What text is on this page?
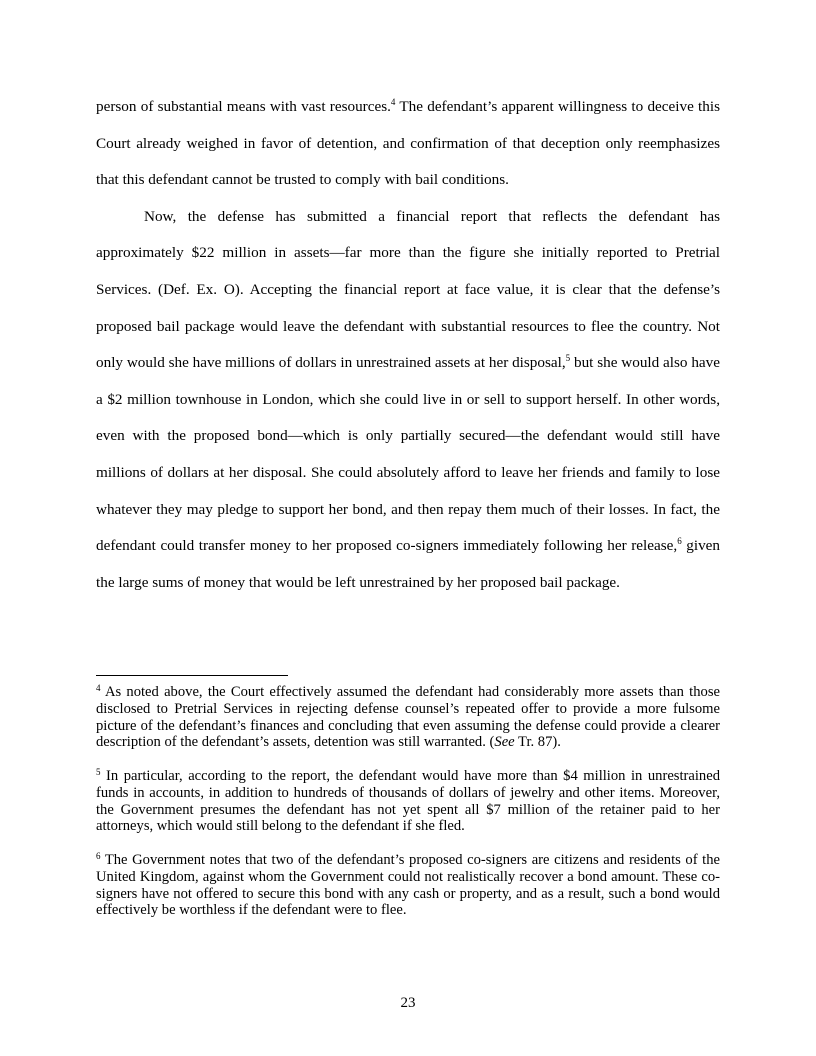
person of substantial means with vast resources.$^4$ The defendant’s apparent willingness to deceive this Court already weighed in favor of detention, and confirmation of that deception only reemphasizes that this defendant cannot be trusted to comply with bail conditions.

Now, the defense has submitted a financial report that reflects the defendant has approximately $22 million in assets—far more than the figure she initially reported to Pretrial Services. (Def. Ex. O). Accepting the financial report at face value, it is clear that the defense’s proposed bail package would leave the defendant with substantial resources to flee the country. Not only would she have millions of dollars in unrestrained assets at her disposal,$^5$ but she would also have a $2 million townhouse in London, which she could live in or sell to support herself. In other words, even with the proposed bond—which is only partially secured—the defendant would still have millions of dollars at her disposal. She could absolutely afford to leave her friends and family to lose whatever they may pledge to support her bond, and then repay them much of their losses. In fact, the defendant could transfer money to her proposed co-signers immediately following her release,$^6$ given the large sums of money that would be left unrestrained by her proposed bail package.

$^4$ As noted above, the Court effectively assumed the defendant had considerably more assets than those disclosed to Pretrial Services in rejecting defense counsel’s repeated offer to provide a more fulsome picture of the defendant’s finances and concluding that even assuming the defense could provide a clearer description of the defendant’s assets, detention was still warranted. (See Tr. 87).

$^5$ In particular, according to the report, the defendant would have more than $4 million in unrestrained funds in accounts, in addition to hundreds of thousands of dollars of jewelry and other items. Moreover, the Government presumes the defendant has not yet spent all $7 million of the retainer paid to her attorneys, which would still belong to the defendant if she fled.

$^6$ The Government notes that two of the defendant’s proposed co-signers are citizens and residents of the United Kingdom, against whom the Government could not realistically recover a bond amount. These co-signers have not offered to secure this bond with any cash or property, and as a result, such a bond would effectively be worthless if the defendant were to flee.

23
